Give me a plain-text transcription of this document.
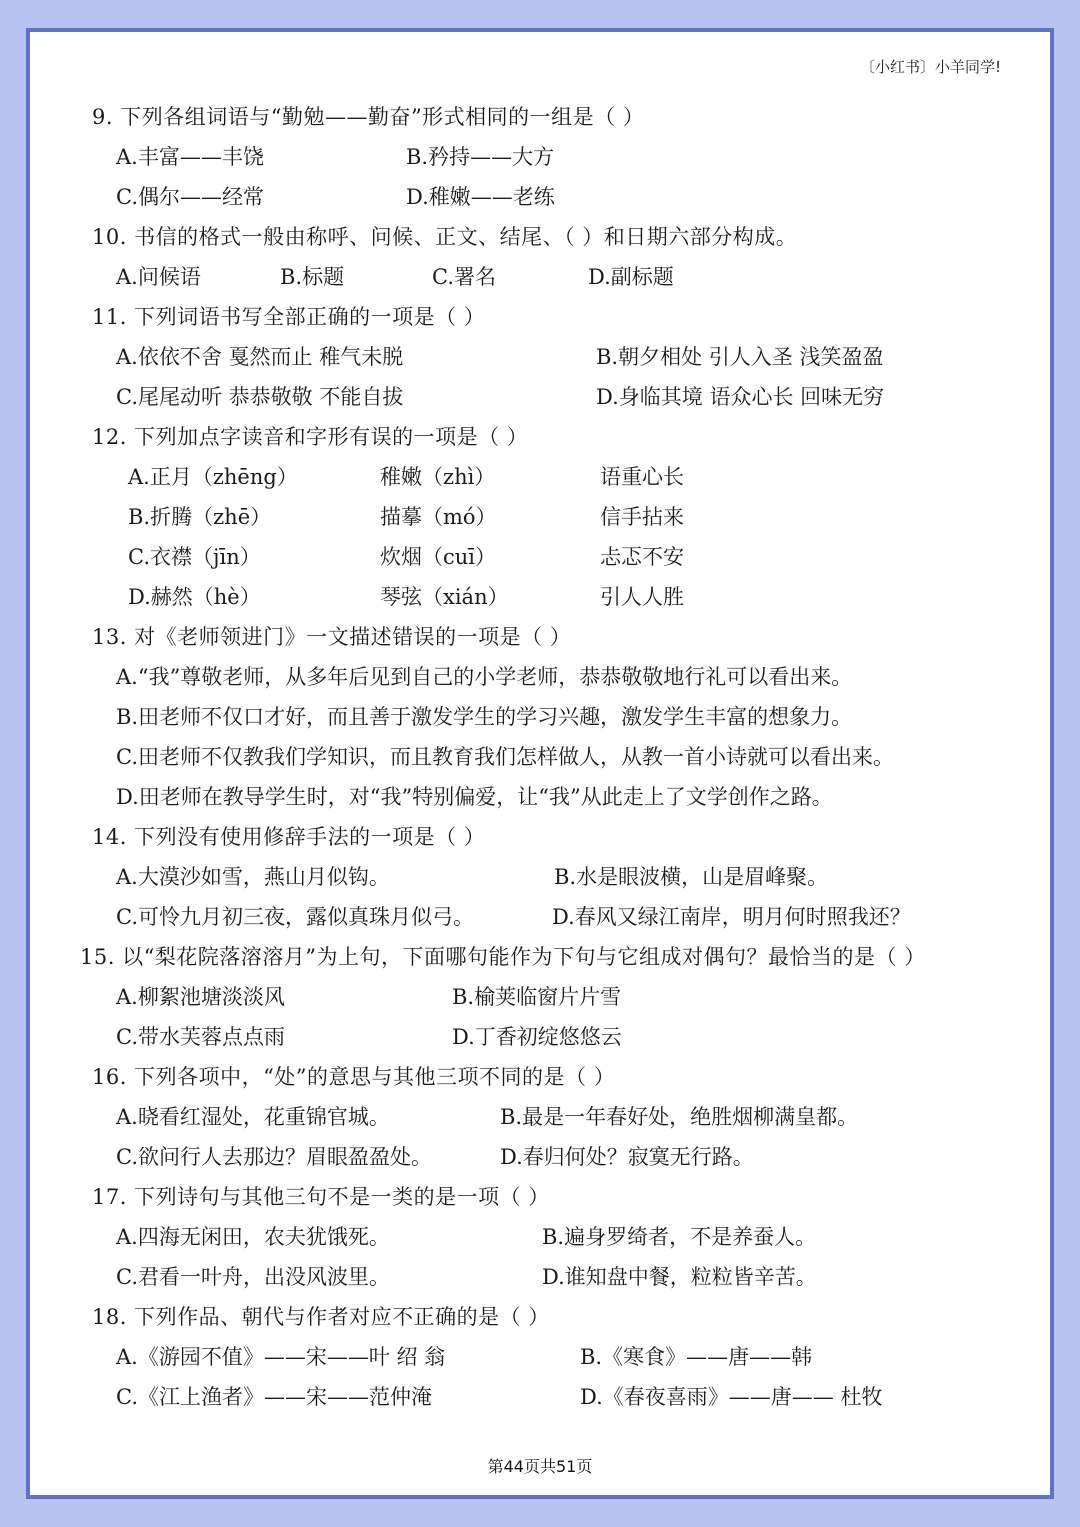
〔小红书〕小羊同学!
9. 下列各组词语与“勤勉——勤奋”形式相同的一组是（ ）
A.丰富——丰饶	B.矜持——大方
C.偶尔——经常	D.稚嫩——老练
10. 书信的格式一般由称呼、问候、正文、结尾、（ ）和日期六部分构成。
A.问候语	B.标题	C.署名	D.副标题
11. 下列词语书写全部正确的一项是（ ）
A.依依不舍 戛然而止 稚气未脱	B.朝夕相处 引人入圣 浅笑盈盈
C.尾尾动听 恭恭敬敬 不能自拔	D.身临其境 语众心长 回味无穷
12. 下列加点字读音和字形有误的一项是（ ）
A.正月（zhēng）	稚嫩（zhì）	语重心长
B.折腾（zhē）	描摹（mó）	信手拈来
C.衣襟（jīn）	炊烟（cuī）	忐忑不安
D.赫然（hè）	琴弦（xián）	引人人胜
13. 对《老师领进门》一文描述错误的一项是（ ）
A.“我”尊敬老师，从多年后见到自己的小学老师，恭恭敬敬地行礼可以看出来。
B.田老师不仅口才好，而且善于激发学生的学习兴趣，激发学生丰富的想象力。
C.田老师不仅教我们学知识，而且教育我们怎样做人，从教一首小诗就可以看出来。
D.田老师在教导学生时，对“我”特别偏爱，让“我”从此走上了文学创作之路。
14. 下列没有使用修辞手法的一项是（ ）
A.大漠沙如雪，燕山月似钩。	B.水是眼波横，山是眉峰聚。
C.可怜九月初三夜，露似真珠月似弓。	D.春风又绿江南岸，明月何时照我还？
15. 以“梨花院落溶溶月”为上句，下面哪句能作为下句与它组成对偶句？最恰当的是（ ）
A.柳絮池塘淡淡风	B.榆荚临窗片片雪
C.带水芙蓉点点雨	D.丁香初绽悠悠云
16. 下列各项中，“处”的意思与其他三项不同的是（ ）
A.晓看红湿处，花重锦官城。	B.最是一年春好处，绝胜烟柳满皇都。
C.欲问行人去那边？眉眼盈盈处。	D.春归何处？寂寞无行路。
17. 下列诗句与其他三句不是一类的是一项（ ）
A.四海无闲田，农夫犹饿死。	B.遍身罗绮者，不是养蚕人。
C.君看一叶舟，出没风波里。	D.谁知盘中餐，粒粒皆辛苦。
18. 下列作品、朝代与作者对应不正确的是（ ）
A.《游园不值》——宋——叶 绍 翁	B.《寒食》——唐——韩
C.《江上渔者》——宋——范仲淹	D.《春夜喜雨》——唐—— 杜牧
第44页共51页
